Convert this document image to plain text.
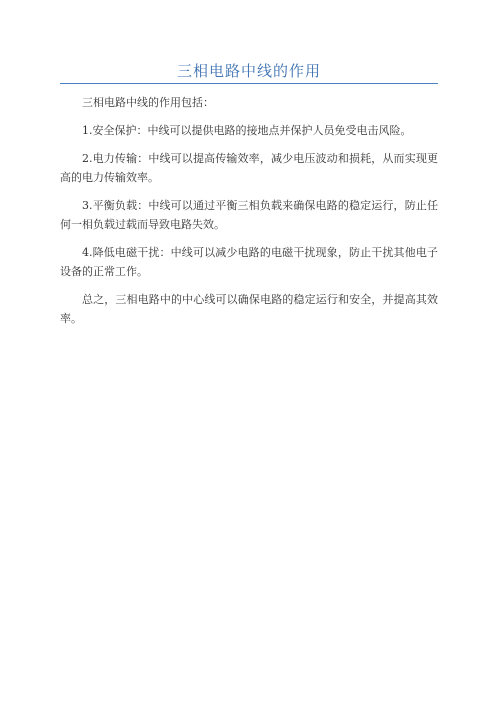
三相电路中线的作用

三相电路中线的作用包括：

1.安全保护：中线可以提供电路的接地点并保护人员免受电击风险。

2.电力传输：中线可以提高传输效率，减少电压波动和损耗，从而实现更高的电力传输效率。

3.平衡负载：中线可以通过平衡三相负载来确保电路的稳定运行，防止任何一相负载过载而导致电路失效。

4.降低电磁干扰：中线可以减少电路的电磁干扰现象，防止干扰其他电子设备的正常工作。

总之，三相电路中的中心线可以确保电路的稳定运行和安全，并提高其效率。
